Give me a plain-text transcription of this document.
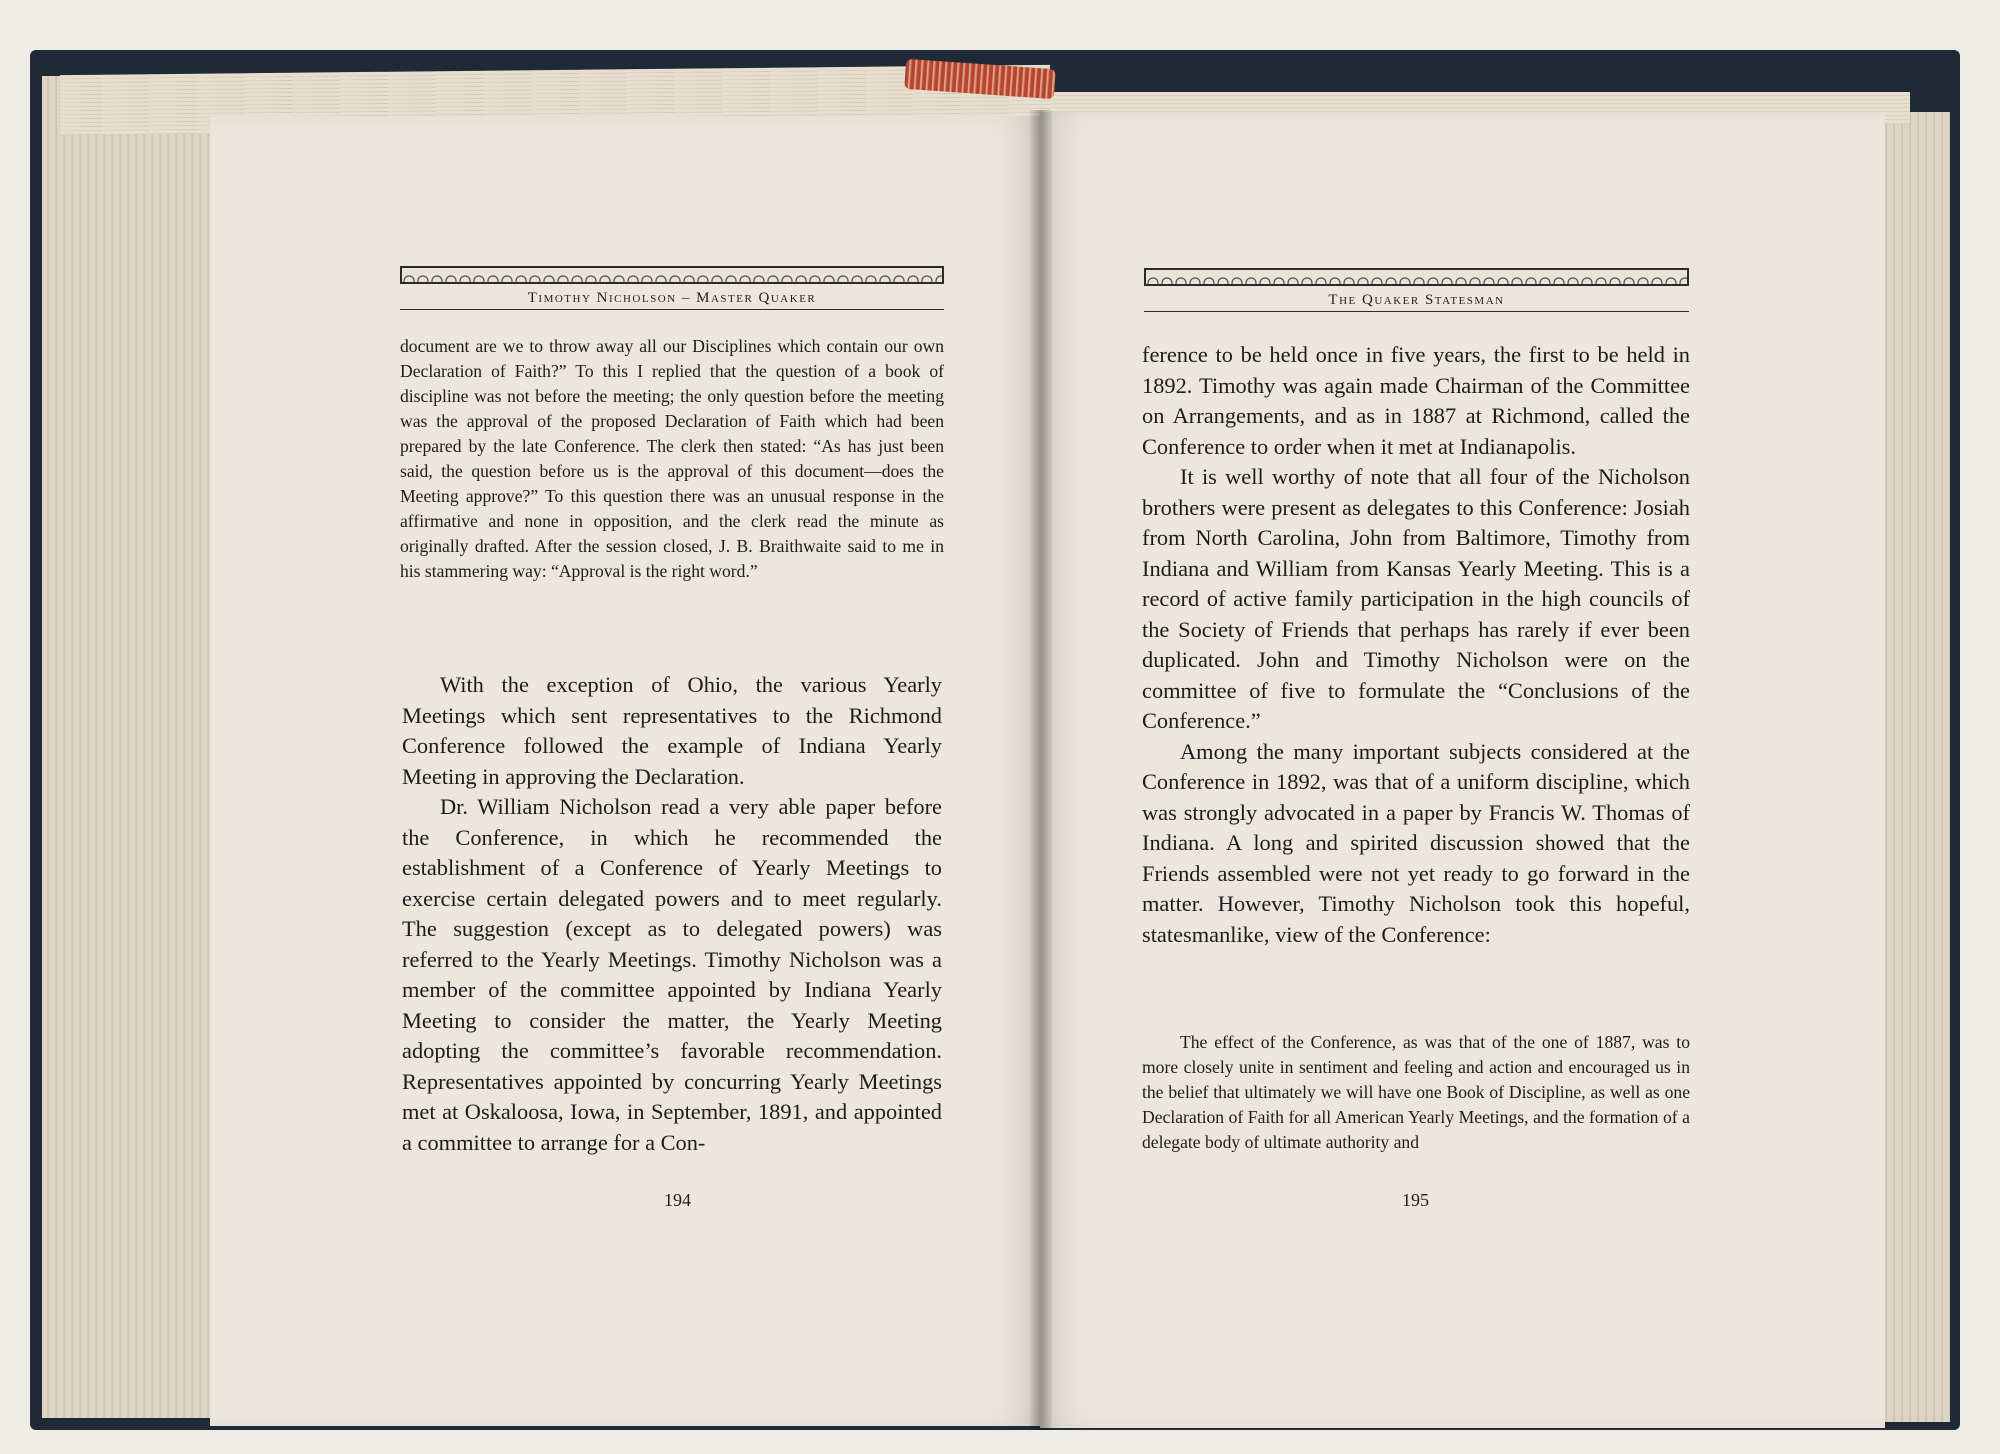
Timothy Nicholson – Master Quaker

document are we to throw away all our Disciplines which contain our own Declaration of Faith?” To this I replied that the question of a book of discipline was not before the meeting; the only question before the meeting was the approval of the proposed Declaration of Faith which had been prepared by the late Conference. The clerk then stated: “As has just been said, the question before us is the approval of this document—does the Meeting approve?” To this question there was an unusual response in the affirmative and none in opposition, and the clerk read the minute as originally drafted. After the session closed, J. B. Braithwaite said to me in his stammering way: “Approval is the right word.”

With the exception of Ohio, the various Yearly Meetings which sent representatives to the Richmond Conference followed the example of Indiana Yearly Meeting in approving the Declaration.

Dr. William Nicholson read a very able paper before the Conference, in which he recommended the establishment of a Conference of Yearly Meetings to exercise certain delegated powers and to meet regularly. The suggestion (except as to delegated powers) was referred to the Yearly Meetings. Timothy Nicholson was a member of the committee appointed by Indiana Yearly Meeting to consider the matter, the Yearly Meeting adopting the committee’s favorable recommendation. Representatives appointed by concurring Yearly Meetings met at Oskaloosa, Iowa, in September, 1891, and appointed a committee to arrange for a Con-

194
The Quaker Statesman

ference to be held once in five years, the first to be held in 1892. Timothy was again made Chairman of the Committee on Arrangements, and as in 1887 at Richmond, called the Conference to order when it met at Indianapolis.

It is well worthy of note that all four of the Nicholson brothers were present as delegates to this Conference: Josiah from North Carolina, John from Baltimore, Timothy from Indiana and William from Kansas Yearly Meeting. This is a record of active family participation in the high councils of the Society of Friends that perhaps has rarely if ever been duplicated. John and Timothy Nicholson were on the committee of five to formulate the “Conclusions of the Conference.”

Among the many important subjects considered at the Conference in 1892, was that of a uniform discipline, which was strongly advocated in a paper by Francis W. Thomas of Indiana. A long and spirited discussion showed that the Friends assembled were not yet ready to go forward in the matter. However, Timothy Nicholson took this hopeful, statesmanlike, view of the Conference:

The effect of the Conference, as was that of the one of 1887, was to more closely unite in sentiment and feeling and action and encouraged us in the belief that ultimately we will have one Book of Discipline, as well as one Declaration of Faith for all American Yearly Meetings, and the formation of a delegate body of ultimate authority and

195
